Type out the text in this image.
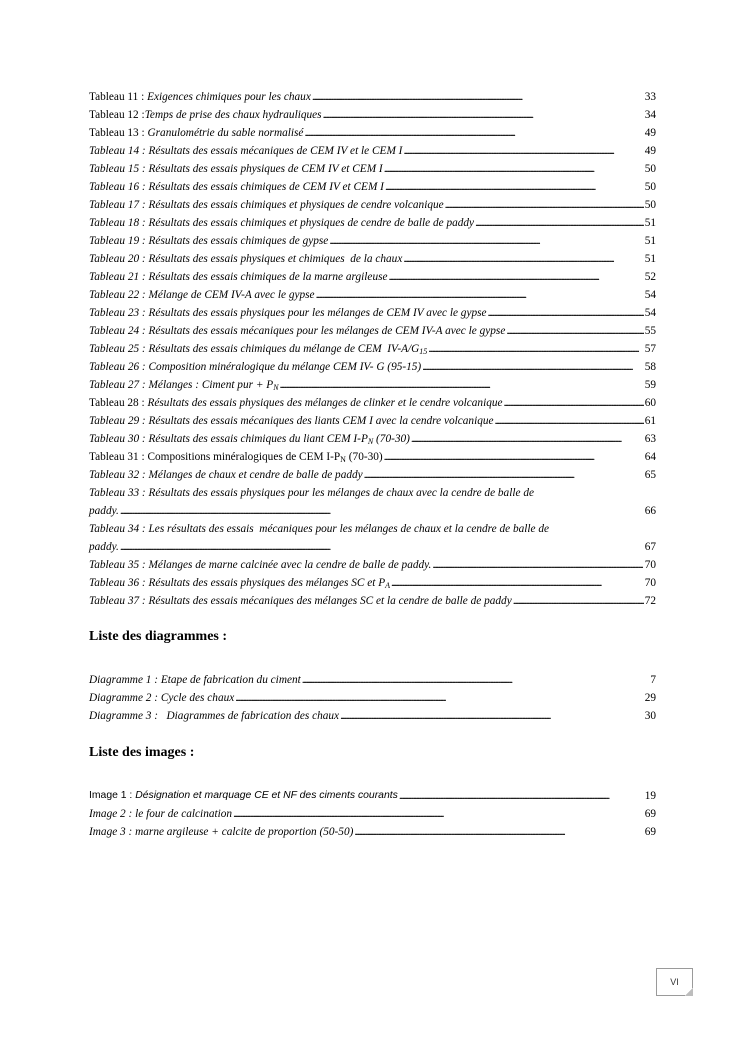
Tableau 11 : Exigences chimiques pour les chaux . . .	33
Tableau 12 :Temps de prise des chaux hydrauliques . . .	34
Tableau 13 : Granulométrie du sable normalisé . . .	49
Tableau 14 : Résultats des essais mécaniques de CEM IV et le CEM I . . .	49
Tableau 15 : Résultats des essais physiques de CEM IV et CEM I . . .	50
Tableau 16 : Résultats des essais chimiques de CEM IV et CEM I . . .	50
Tableau 17 : Résultats des essais chimiques et physiques de cendre volcanique . . .	50
Tableau 18 : Résultats des essais chimiques et physiques de cendre de balle de paddy . . .	51
Tableau 19 : Résultats des essais chimiques de gypse . . .	51
Tableau 20 : Résultats des essais physiques et chimiques  de la chaux . . .	51
Tableau 21 : Résultats des essais chimiques de la marne argileuse . . .	52
Tableau 22 : Mélange de CEM IV-A avec le gypse . . .	54
Tableau 23 : Résultats des essais physiques pour les mélanges de CEM IV avec le gypse . . .	54
Tableau 24 : Résultats des essais mécaniques pour les mélanges de CEM IV-A avec le gypse . . .	55
Tableau 25 : Résultats des essais chimiques du mélange de CEM  $IV-A/G_{15}$ . . .	57
Tableau 26 : Composition minéralogique du mélange CEM IV- G (95-15) . . .	58
Tableau 27 : Mélanges : Ciment pur + $P_N$ . . .	59
Tableau 28 : Résultats des essais physiques des mélanges de clinker et le cendre volcanique . . .	60
Tableau 29 : Résultats des essais mécaniques des liants CEM I avec la cendre volcanique . . .	61
Tableau 30 : Résultats des essais chimiques du liant CEM $I-P_N$ (70-30) . . .	63
Tableau 31 : Compositions minéralogiques de CEM $I-P_N$ (70-30) . . .	64
Tableau 32 : Mélanges de chaux et cendre de balle de paddy . . .	65
Tableau 33 : Résultats des essais physiques pour les mélanges de chaux avec la cendre de balle de
paddy. . . .	66
Tableau 34 : Les résultats des essais  mécaniques pour les mélanges de chaux et la cendre de balle de
paddy. . . .	67
Tableau 35 : Mélanges de marne calcinée avec la cendre de balle de paddy. . . .	70
Tableau 36 : Résultats des essais physiques des mélanges SC et $P_A$ . . .	70
Tableau 37 : Résultats des essais mécaniques des mélanges SC et la cendre de balle de paddy . . .	72
Liste des diagrammes :
Diagramme 1 : Etape de fabrication du ciment . . .	7
Diagramme 2 : Cycle des chaux . . .	29
Diagramme 3 :   Diagrammes de fabrication des chaux . . .	30
Liste des images :
Image 1 : Désignation et marquage CE et NF des ciments courants . . .	19
Image 2 : le four de calcination . . .	69
Image 3 : marne argileuse + calcite de proportion (50-50) . . .	69
VI
